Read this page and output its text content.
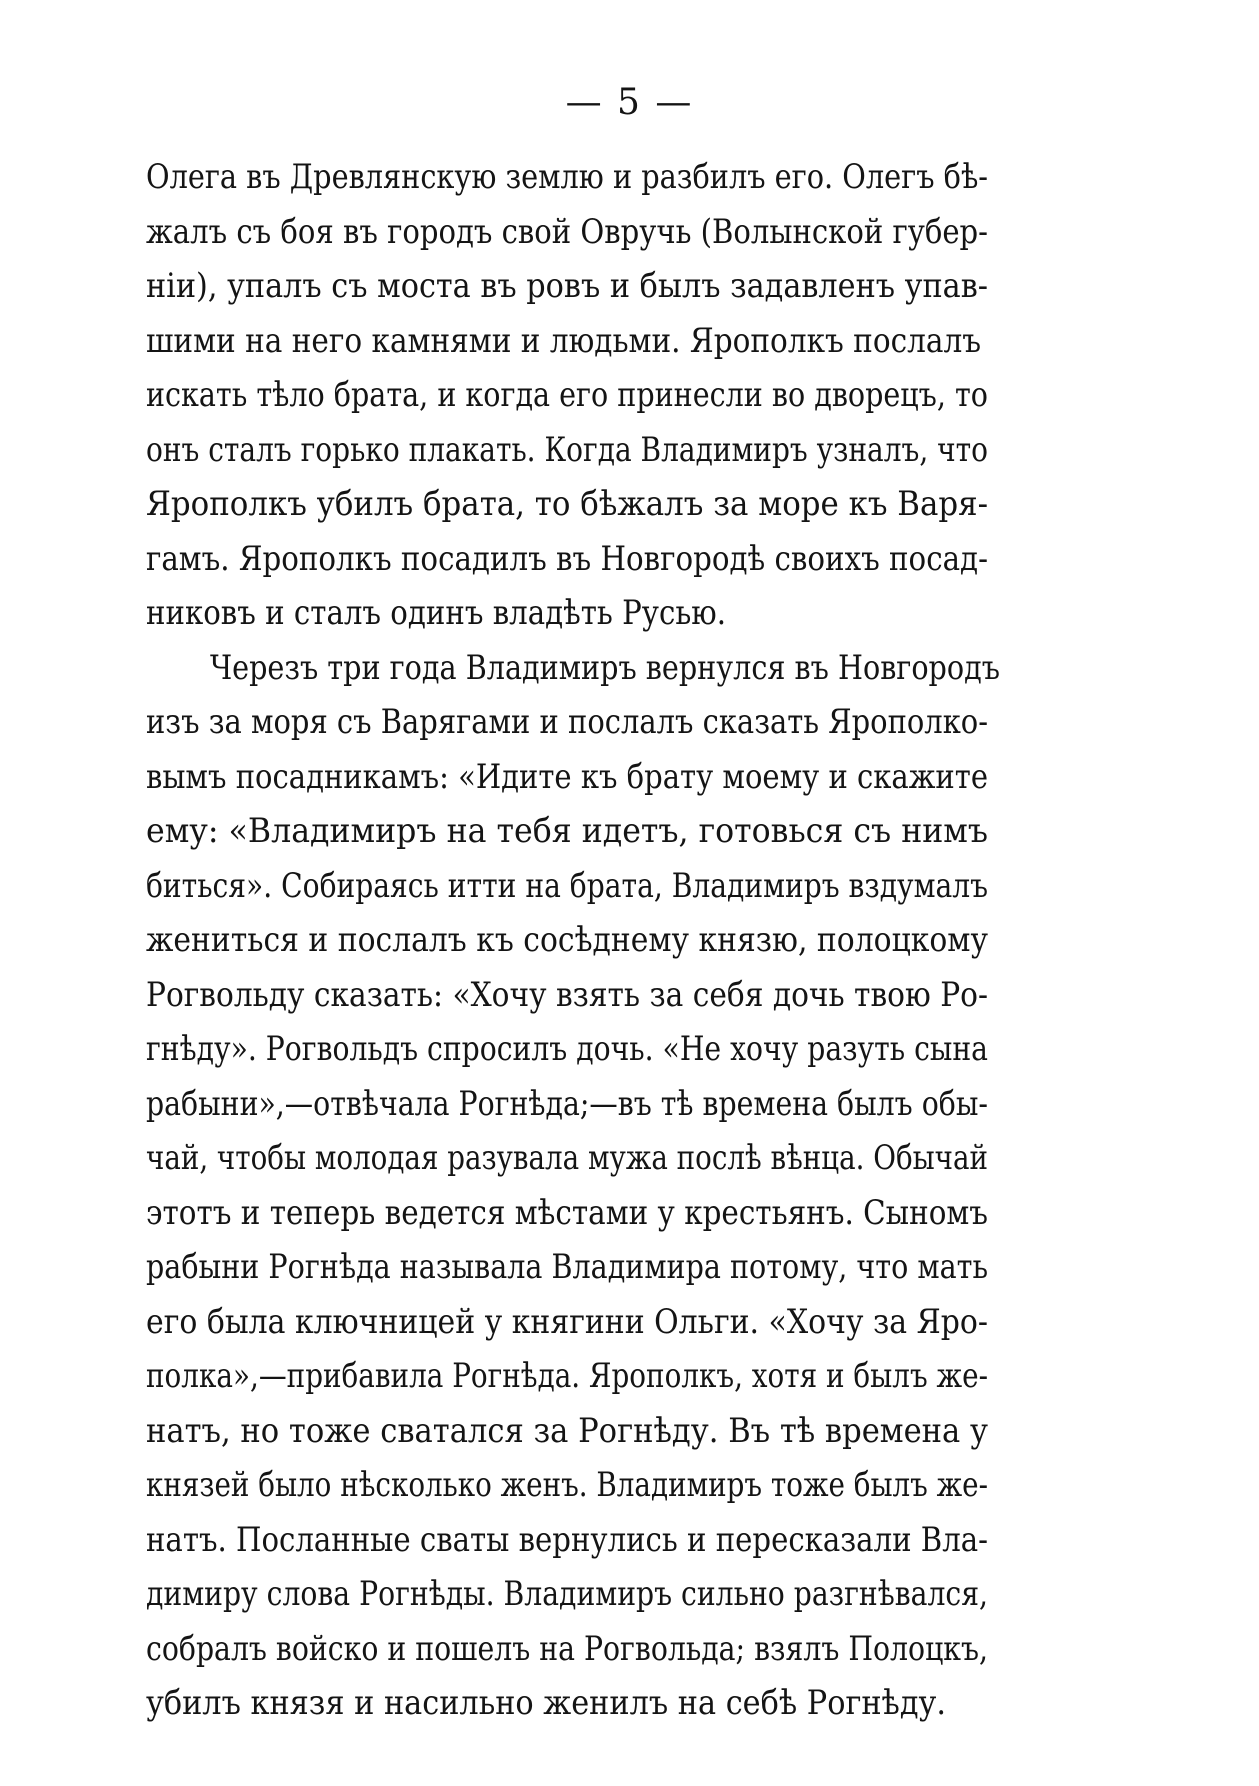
— 5 —
Олега въ Древлянскую землю и разбилъ его. Олегъ бѣ-
жалъ съ боя въ городъ свой Овручь (Волынской губер-
нiи), упалъ съ моста въ ровъ и былъ задавленъ упав-
шими на него камнями и людьми. Ярополкъ послалъ
искать тѣло брата, и когда его принесли во дворецъ, то
онъ сталъ горько плакать. Когда Владимиръ узналъ, что
Ярополкъ убилъ брата, то бѣжалъ за море къ Варя-
гамъ. Ярополкъ посадилъ въ Новгородѣ своихъ посад-
никовъ и сталъ одинъ владѣть Русью.
Черезъ три года Владимиръ вернулся въ Новгородъ
изъ за моря съ Варягами и послалъ сказать Ярополко-
вымъ посадникамъ: «Идите къ брату моему и скажите
ему: «Владимиръ на тебя идетъ, готовься съ нимъ
биться». Собираясь итти на брата, Владимиръ вздумалъ
жениться и послалъ къ сосѣднему князю, полоцкому
Рогвольду сказать: «Хочу взять за себя дочь твою Ро-
гнѣду». Рогвольдъ спросилъ дочь. «Не хочу разуть сына
рабыни»,—отвѣчала Рогнѣда;—въ тѣ времена былъ обы-
чай, чтобы молодая разувала мужа послѣ вѣнца. Обычай
этотъ и теперь ведется мѣстами у крестьянъ. Сыномъ
рабыни Рогнѣда называла Владимира потому, что мать
его была ключницей у княгини Ольги. «Хочу за Яро-
полка»,—прибавила Рогнѣда. Ярополкъ, хотя и былъ же-
натъ, но тоже сватался за Рогнѣду. Въ тѣ времена у
князей было нѣсколько женъ. Владимиръ тоже былъ же-
натъ. Посланные сваты вернулись и пересказали Вла-
димиру слова Рогнѣды. Владимиръ сильно разгнѣвался,
собралъ войско и пошелъ на Рогвольда; взялъ Полоцкъ,
убилъ князя и насильно женилъ на себѣ Рогнѣду.
